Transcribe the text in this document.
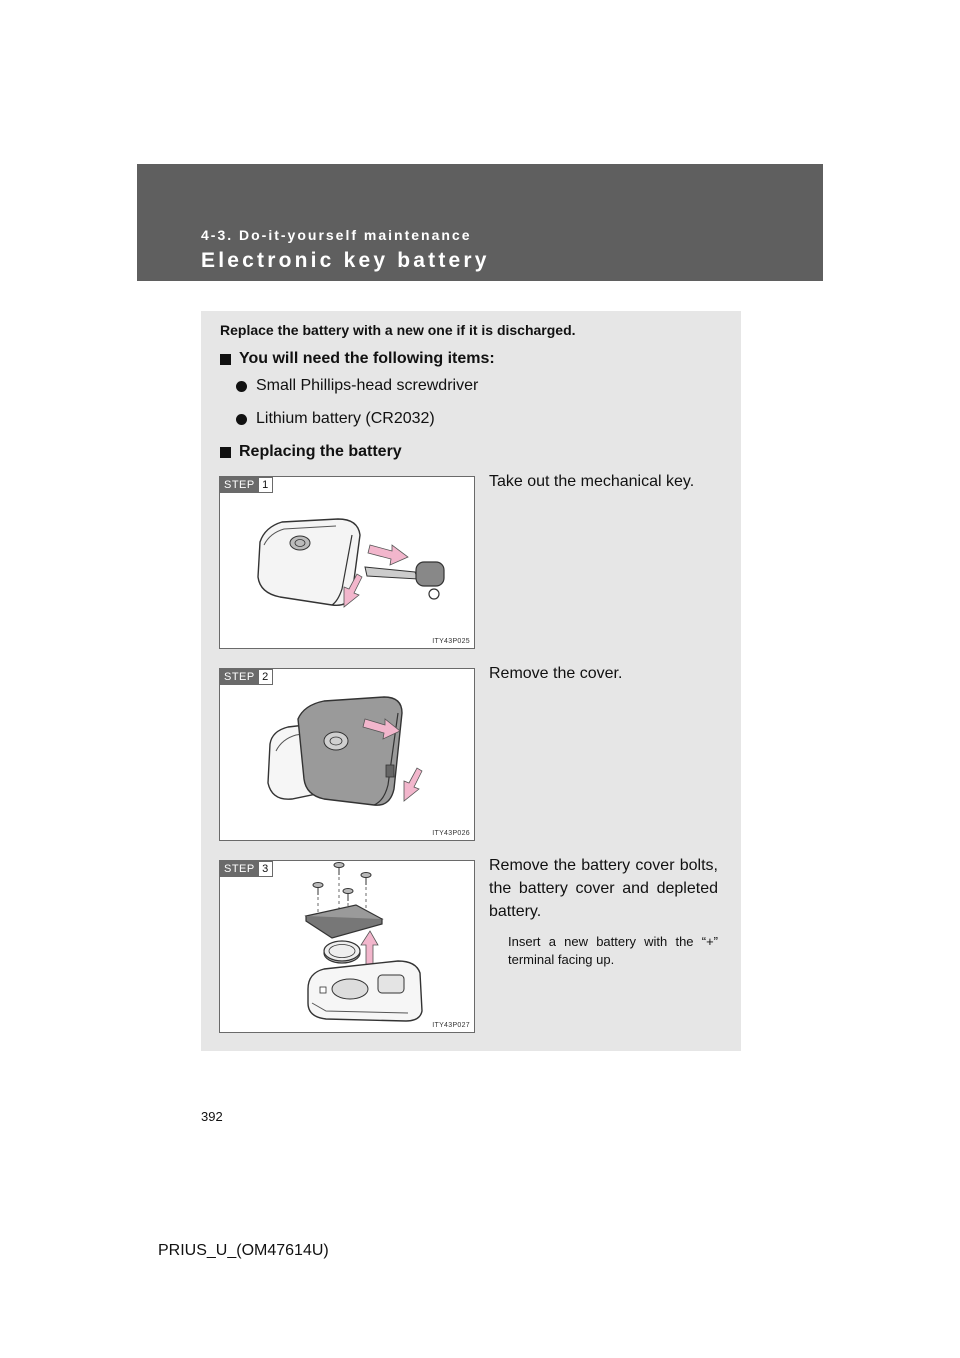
4-3. Do-it-yourself maintenance
Electronic key battery
Replace the battery with a new one if it is discharged.
You will need the following items:
Small Phillips-head screwdriver
Lithium battery (CR2032)
Replacing the battery
STEP 1
ITY43P025
Take out the mechanical key.
STEP 2
ITY43P026
Remove the cover.
STEP 3
ITY43P027
Remove the battery cover bolts, the battery cover and depleted battery.
Insert a new battery with the “+” terminal facing up.
392
PRIUS_U_(OM47614U)
